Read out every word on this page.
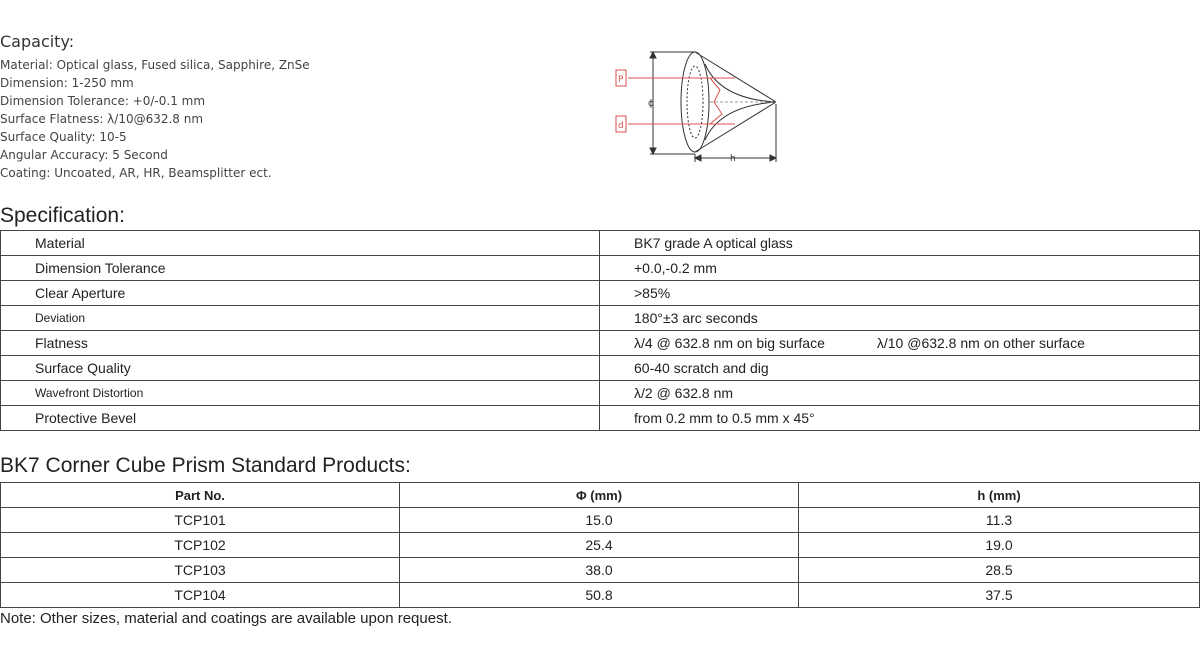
Capacity:
Material: Optical glass, Fused silica, Sapphire, ZnSe
Dimension: 1-250 mm
Dimension Tolerance: +0/-0.1 mm
Surface Flatness: λ/10@632.8 nm
Surface Quality: 10-5
Angular Accuracy: 5 Second
Coating: Uncoated, AR, HR, Beamsplitter ect.
P
d
ϕ
h
Specification:
Material	BK7 grade A optical glass
Dimension Tolerance	+0.0,-0.2 mm
Clear Aperture	>85%
Deviation	180°±3 arc seconds
Flatness	λ/4 @ 632.8 nm on big surface λ/10 @632.8 nm on other surface
Surface Quality	60-40 scratch and dig
Wavefront Distortion	λ/2 @ 632.8 nm
Protective Bevel	from 0.2 mm to 0.5 mm x 45°
BK7 Corner Cube Prism Standard Products:
Part No.	Φ (mm)	h (mm)
TCP101	15.0	11.3
TCP102	25.4	19.0
TCP103	38.0	28.5
TCP104	50.8	37.5
Note: Other sizes, material and coatings are available upon request.
